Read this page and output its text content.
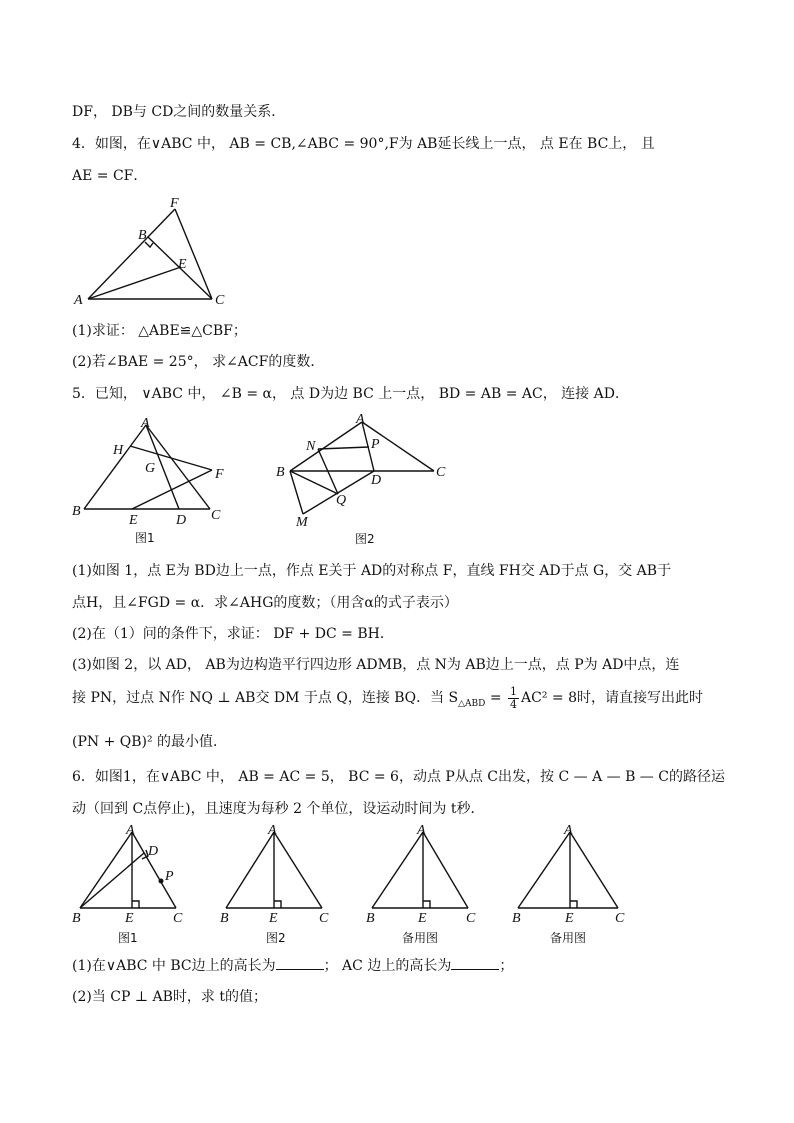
DF， DB与 CD之间的数量关系．
4．如图，在∨ABC 中， AB = CB,∠ABC = 90°,F为 AB延长线上一点， 点 E在 BC上， 且
AE = CF．
F
B
E
A	C
(1)求证： △ABE≌△CBF；
(2)若∠BAE = 25°， 求∠ACF的度数．
5．已知， ∨ABC 中， ∠B = α， 点 D为边 BC 上一点， BD = AB = AC， 连接 AD．
A
H
G	F
B
E	D C
图1
A
N	P
B
D
C
Q
M
图2
(1)如图 1，点 E为 BD边上一点，作点 E关于 AD的对称点 F，直线 FH交 AD于点 G，交 AB于
点H，且∠FGD = α．求∠AHG的度数；（用含α的式子表示）
(2)在（1）问的条件下，求证： DF + DC = BH．
(3)如图 2，以 AD， AB为边构造平行四边形 ADMB，点 N为 AB边上一点，点 P为 AD中点，连
接 PN，过点 N作 NQ ⊥ AB交 DM 于点 Q，连接 BQ．当 $S_{\triangle ABD} = \frac{1}{4} AC^2 = 8$时，请直接写出此时
(PN + QB)² 的最小值．
6．如图1，在∨ABC 中， AB = AC = 5， BC = 6，动点 P从点 C出发，按 C — A — B — C的路径运
动（回到 C点停止)，且速度为每秒 2 个单位，设运动时间为 t秒．
A
D
P
B	E	C
图1
A
B	E	C
图2
A
B	E	C
备用图
A
B	E	C
备用图
(1)在∨ABC 中 BC边上的高长为	； AC 边上的高长为	；
(2)当 CP ⊥ AB时，求 t的值；
